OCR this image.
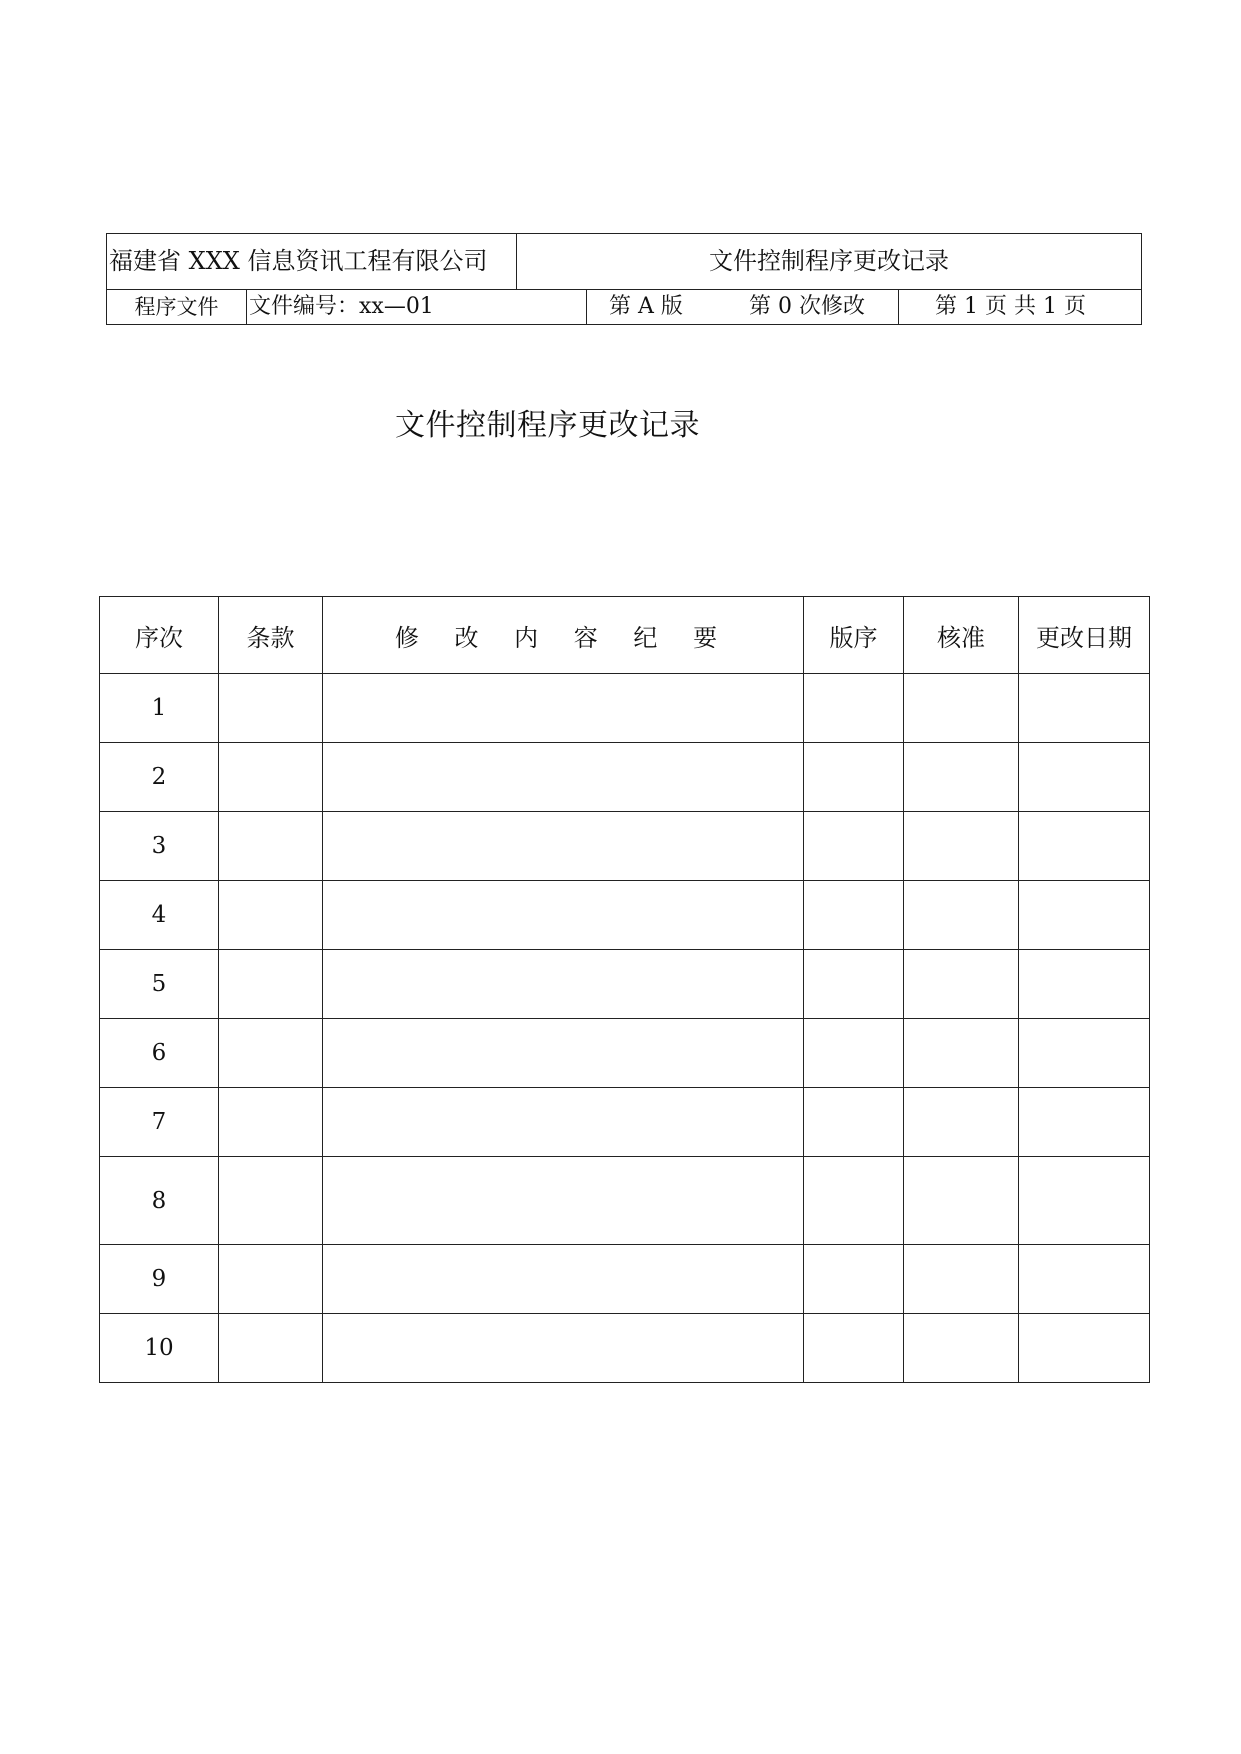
福建省 XXX 信息资讯工程有限公司	文件控制程序更改记录
程序文件	文件编号：xx—01	第 A 版	第 0 次修改	第 1 页 共 1 页
文件控制程序更改记录
序次	条款	修 改 内 容 纪 要	版序	核准	更改日期
1					
2					
3					
4					
5					
6					
7					
8					
9					
10					
